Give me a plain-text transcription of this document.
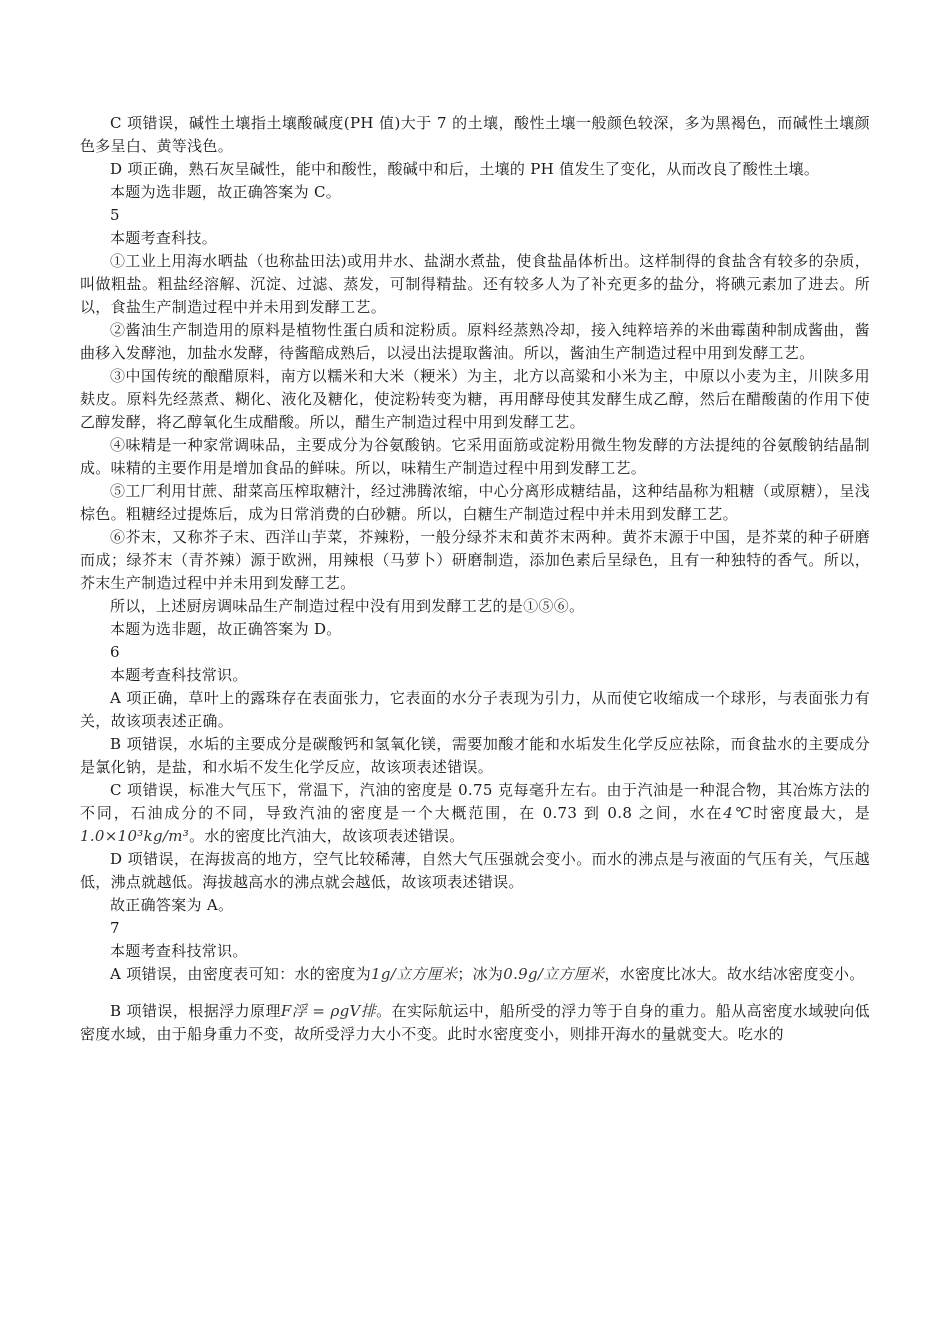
C 项错误，碱性土壤指土壤酸碱度(PH 值)大于 7 的土壤，酸性土壤一般颜色较深，多为黑褐色，而碱性土壤颜色多呈白、黄等浅色。

D 项正确，熟石灰呈碱性，能中和酸性，酸碱中和后，土壤的 PH 值发生了变化，从而改良了酸性土壤。

本题为选非题，故正确答案为 C。

5

本题考查科技。

①工业上用海水晒盐（也称盐田法)或用井水、盐湖水煮盐，使食盐晶体析出。这样制得的食盐含有较多的杂质，叫做粗盐。粗盐经溶解、沉淀、过滤、蒸发，可制得精盐。还有较多人为了补充更多的盐分，将碘元素加了进去。所以，食盐生产制造过程中并未用到发酵工艺。

②酱油生产制造用的原料是植物性蛋白质和淀粉质。原料经蒸熟冷却，接入纯粹培养的米曲霉菌种制成酱曲，酱曲移入发酵池，加盐水发酵，待酱醅成熟后，以浸出法提取酱油。所以，酱油生产制造过程中用到发酵工艺。

③中国传统的酿醋原料，南方以糯米和大米（粳米）为主，北方以高粱和小米为主，中原以小麦为主，川陕多用麸皮。原料先经蒸煮、糊化、液化及糖化，使淀粉转变为糖，再用酵母使其发酵生成乙醇，然后在醋酸菌的作用下使乙醇发酵，将乙醇氧化生成醋酸。所以，醋生产制造过程中用到发酵工艺。

④味精是一种家常调味品，主要成分为谷氨酸钠。它采用面筋或淀粉用微生物发酵的方法提纯的谷氨酸钠结晶制成。味精的主要作用是增加食品的鲜味。所以，味精生产制造过程中用到发酵工艺。

⑤工厂利用甘蔗、甜菜高压榨取糖汁，经过沸腾浓缩，中心分离形成糖结晶，这种结晶称为粗糖（或原糖），呈浅棕色。粗糖经过提炼后，成为日常消费的白砂糖。所以，白糖生产制造过程中并未用到发酵工艺。

⑥芥末，又称芥子末、西洋山芋菜，芥辣粉，一般分绿芥末和黄芥末两种。黄芥末源于中国，是芥菜的种子研磨而成；绿芥末（青芥辣）源于欧洲，用辣根（马萝卜）研磨制造，添加色素后呈绿色，且有一种独特的香气。所以，芥末生产制造过程中并未用到发酵工艺。

所以，上述厨房调味品生产制造过程中没有用到发酵工艺的是①⑤⑥。

本题为选非题，故正确答案为 D。

6

本题考查科技常识。

A 项正确，草叶上的露珠存在表面张力，它表面的水分子表现为引力，从而使它收缩成一个球形，与表面张力有关，故该项表述正确。

B 项错误，水垢的主要成分是碳酸钙和氢氧化镁，需要加酸才能和水垢发生化学反应祛除，而食盐水的主要成分是氯化钠，是盐，和水垢不发生化学反应，故该项表述错误。

C 项错误，标准大气压下，常温下，汽油的密度是 0.75 克每毫升左右。由于汽油是一种混合物，其冶炼方法的不同，石油成分的不同，导致汽油的密度是一个大概范围，在 0.73 到 0.8 之间，水在4℃时密度最大，是1.0×10³kg/m³。水的密度比汽油大，故该项表述错误。

D 项错误，在海拔高的地方，空气比较稀薄，自然大气压强就会变小。而水的沸点是与液面的气压有关，气压越低，沸点就越低。海拔越高水的沸点就会越低，故该项表述错误。

故正确答案为 A。

7

本题考查科技常识。

A 项错误，由密度表可知：水的密度为1g/立方厘米；冰为0.9g/立方厘米，水密度比冰大。故水结冰密度变小。

B 项错误，根据浮力原理F浮 = ρgV排。在实际航运中，船所受的浮力等于自身的重力。船从高密度水域驶向低密度水域，由于船身重力不变，故所受浮力大小不变。此时水密度变小，则排开海水的量就变大。吃水的
